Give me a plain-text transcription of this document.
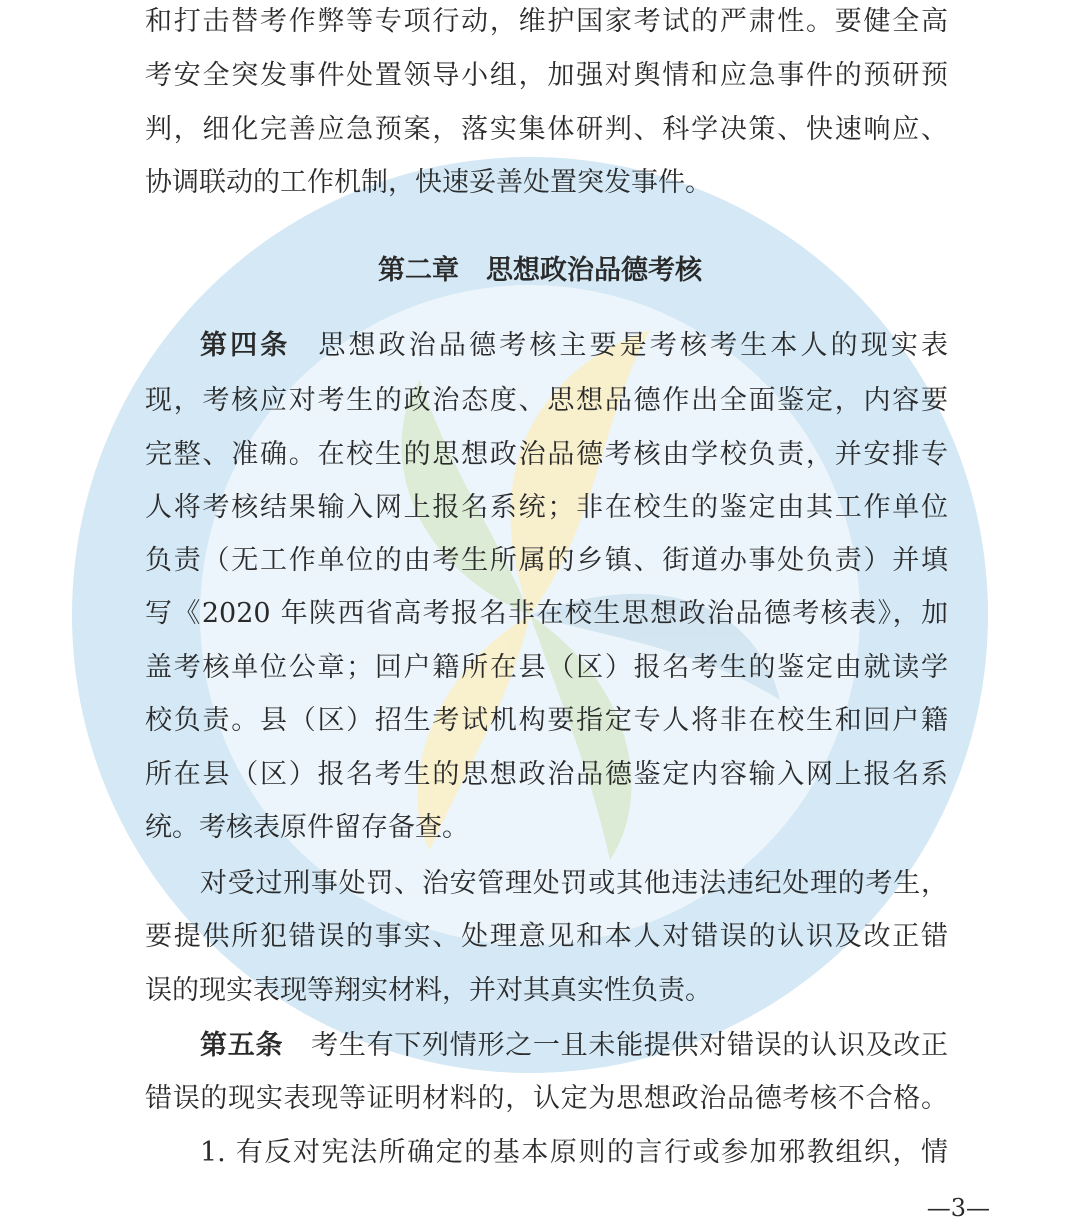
和打击替考作弊等专项行动，维护国家考试的严肃性。要健全高
考安全突发事件处置领导小组，加强对舆情和应急事件的预研预
判，细化完善应急预案，落实集体研判、科学决策、快速响应、
协调联动的工作机制，快速妥善处置突发事件。
第二章　思想政治品德考核
第四条 思想政治品德考核主要是考核考生本人的现实表
现，考核应对考生的政治态度、思想品德作出全面鉴定，内容要
完整、准确。在校生的思想政治品德考核由学校负责，并安排专
人将考核结果输入网上报名系统；非在校生的鉴定由其工作单位
负责（无工作单位的由考生所属的乡镇、街道办事处负责）并填
写《2020 年陕西省高考报名非在校生思想政治品德考核表》，加
盖考核单位公章；回户籍所在县（区）报名考生的鉴定由就读学
校负责。县（区）招生考试机构要指定专人将非在校生和回户籍
所在县（区）报名考生的思想政治品德鉴定内容输入网上报名系
统。考核表原件留存备查。
对受过刑事处罚、治安管理处罚或其他违法违纪处理的考生，
要提供所犯错误的事实、处理意见和本人对错误的认识及改正错
误的现实表现等翔实材料，并对其真实性负责。
第五条 考生有下列情形之一且未能提供对错误的认识及改正
错误的现实表现等证明材料的，认定为思想政治品德考核不合格。
1. 有反对宪法所确定的基本原则的言行或参加邪教组织，情
—3—
